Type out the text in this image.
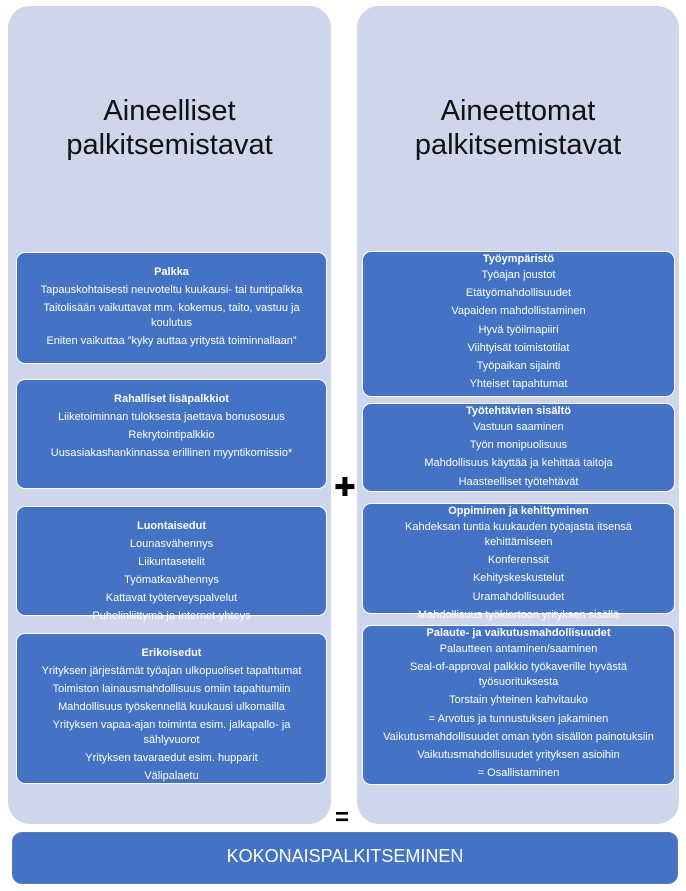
Aineelliset
palkitsemistavat
Palkka
Tapauskohtaisesti neuvoteltu kuukausi- tai tuntipalkka
Taitolisään vaikuttavat mm. kokemus, taito, vastuu ja koulutus
Eniten vaikuttaa ”kyky auttaa yritystä toiminnallaan”
Rahalliset lisäpalkkiot
Liiketoiminnan tuloksesta jaettava bonusosuus
Rekrytointipalkkio
Uusasiakashankinnassa erillinen myyntikomissio*
Luontaisedut
Lounasvähennys
Liikuntasetelit
Työmatkavähennys
Kattavat työterveyspalvelut
Puhelinliittymä ja Internet-yhteys
Erikoisedut
Yrityksen järjestämät työajan ulkopuoliset tapahtumat
Toimiston lainausmahdollisuus omiin tapahtumiin
Mahdollisuus työskennellä kuukausi ulkomailla
Yrityksen vapaa-ajan toiminta esim. jalkapallo- ja sählyvuorot
Yrityksen tavaraedut esim. hupparit
Välipalaetu
Aineettomat
palkitsemistavat
Työympäristö
Työajan joustot
Etätyömahdollisuudet
Vapaiden mahdollistaminen
Hyvä työilmapiiri
Viihtyisät toimistotilat
Työpaikan sijainti
Yhteiset tapahtumat
Työtehtävien sisältö
Vastuun saaminen
Työn monipuolisuus
Mahdollisuus käyttää ja kehittää taitoja
Haasteelliset työtehtävät
Oppiminen ja kehittyminen
Kahdeksan tuntia kuukauden työajasta itsensä kehittämiseen
Konferenssit
Kehityskeskustelut
Uramahdollisuudet
Mahdollisuus työkiertoon yrityksen sisällä
Palaute- ja vaikutusmahdollisuudet
Palautteen antaminen/saaminen
Seal-of-approval palkkio työkaverille hyvästä työsuorituksesta
Torstain yhteinen kahvitauko
= Arvotus ja tunnustuksen jakaminen
Vaikutusmahdollisuudet oman työn sisällön painotuksiin
Vaikutusmahdollisuudet yrityksen asioihin
= Osallistaminen
✚
=
KOKONAISPALKITSEMINEN
